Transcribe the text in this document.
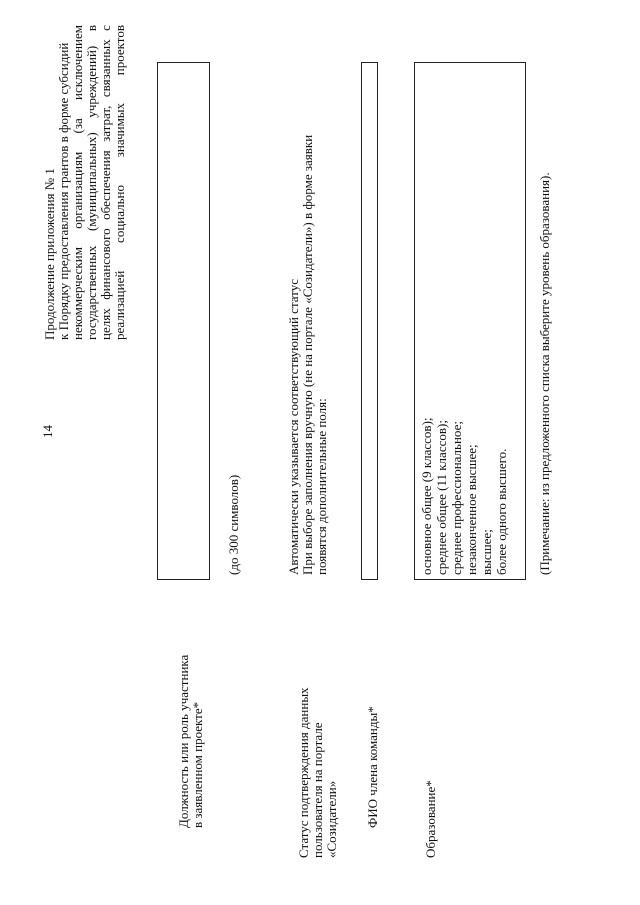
14
Продолжение приложения № 1 к Порядку предоставления грантов в форме субсидий некоммерческим
организациям
(за
исключением
государственных
(муниципальных)
учреждений)
в
целях
финансового
обеспечения
затрат,
связанных
с
реализацией
социально
значимых
проектов
Должность или роль участника в заявленном проекте*
(до 300 символов)	Автоматически указывается соответствующий статус При выборе заполнения вручную (не на портале «Созидатели») в форме заявки появятся дополнительные поля:
Статус подтверждения данных пользователя на портале «Созидатели» ФИО члена команды*
основное общее (9 классов); среднее общее (11 классов); среднее профессиональное; незаконченное высшее; высшее; более одного высшего.
Образование*
(Примечание: из предложенного списка выберите уровень образования).
